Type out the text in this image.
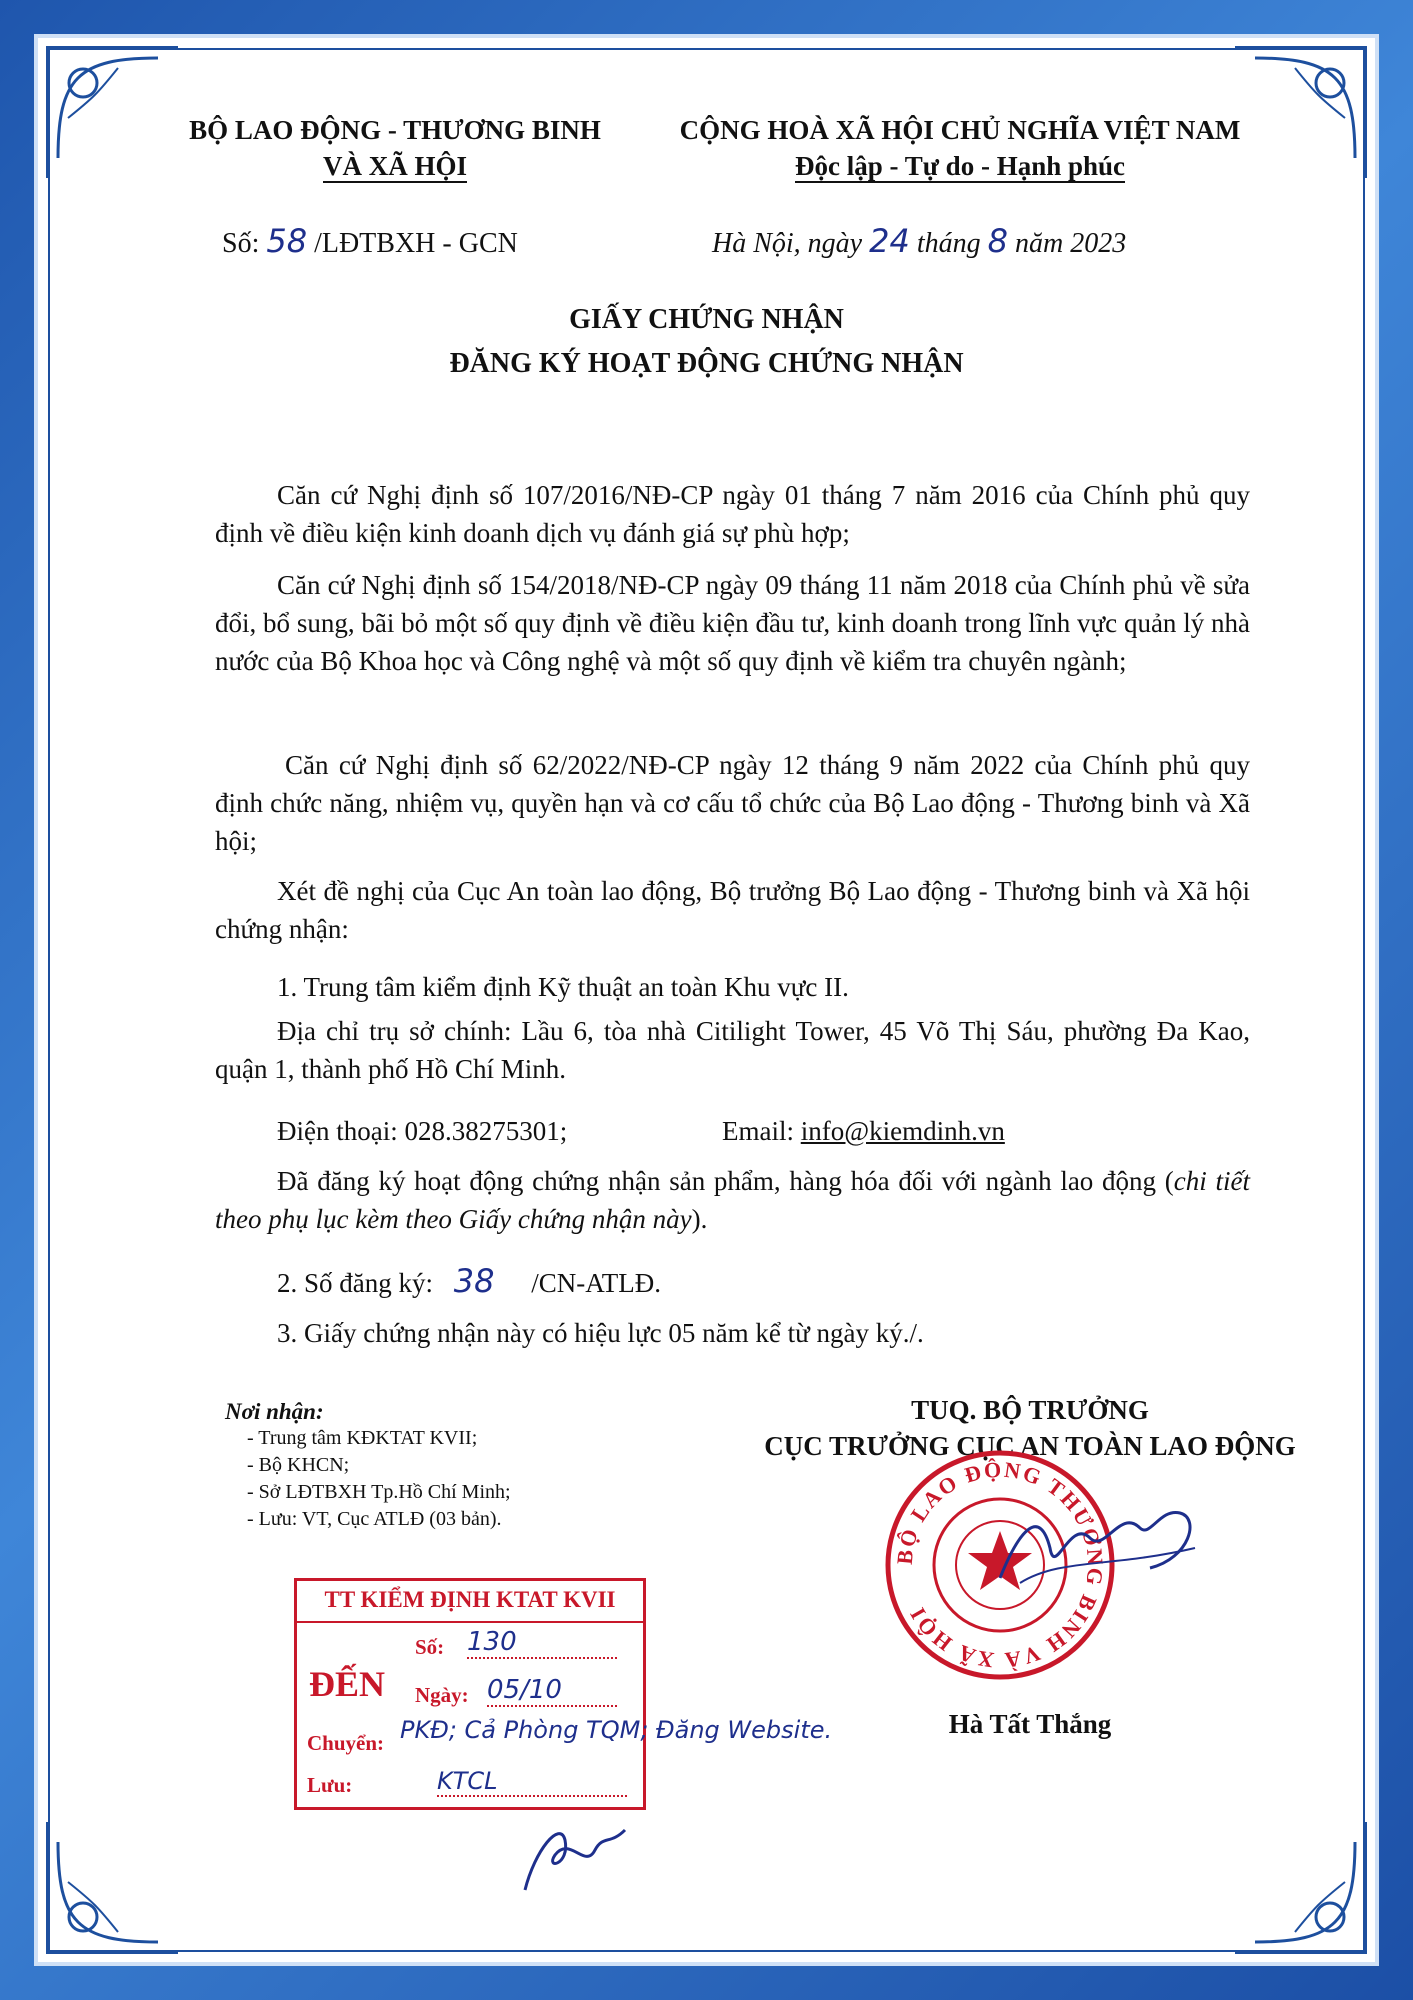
BỘ LAO ĐỘNG - THƯƠNG BINH
VÀ XÃ HỘI
CỘNG HOÀ XÃ HỘI CHỦ NGHĨA VIỆT NAM
Độc lập - Tự do - Hạnh phúc
Số: 58 /LĐTBXH - GCN	Hà Nội, ngày 24 tháng 8 năm 2023
GIẤY CHỨNG NHẬN
ĐĂNG KÝ HOẠT ĐỘNG CHỨNG NHẬN
Căn cứ Nghị định số 107/2016/NĐ-CP ngày 01 tháng 7 năm 2016 của Chính phủ quy định về điều kiện kinh doanh dịch vụ đánh giá sự phù hợp;
Căn cứ Nghị định số 154/2018/NĐ-CP ngày 09 tháng 11 năm 2018 của Chính phủ về sửa đổi, bổ sung, bãi bỏ một số quy định về điều kiện đầu tư, kinh doanh trong lĩnh vực quản lý nhà nước của Bộ Khoa học và Công nghệ và một số quy định về kiểm tra chuyên ngành;
Căn cứ Nghị định số 62/2022/NĐ-CP ngày 12 tháng 9 năm 2022 của Chính phủ quy định chức năng, nhiệm vụ, quyền hạn và cơ cấu tổ chức của Bộ Lao động - Thương binh và Xã hội;
Xét đề nghị của Cục An toàn lao động, Bộ trưởng Bộ Lao động - Thương binh và Xã hội chứng nhận:
1. Trung tâm kiểm định Kỹ thuật an toàn Khu vực II.
Địa chỉ trụ sở chính: Lầu 6, tòa nhà Citilight Tower, 45 Võ Thị Sáu, phường Đa Kao, quận 1, thành phố Hồ Chí Minh.
Điện thoại: 028.38275301;	Email: info@kiemdinh.vn
Đã đăng ký hoạt động chứng nhận sản phẩm, hàng hóa đối với ngành lao động (chi tiết theo phụ lục kèm theo Giấy chứng nhận này).
2. Số đăng ký: 38 /CN-ATLĐ.
3. Giấy chứng nhận này có hiệu lực 05 năm kể từ ngày ký./.
Nơi nhận:
- Trung tâm KĐKTAT KVII;
- Bộ KHCN;
- Sở LĐTBXH Tp.Hồ Chí Minh;
- Lưu: VT, Cục ATLĐ (03 bản).
TUQ. BỘ TRƯỞNG
CỤC TRƯỞNG CỤC AN TOÀN LAO ĐỘNG
BỘ LAO ĐỘNG THƯƠNG BINH VÀ XÃ HỘI
Hà Tất Thắng
TT KIỂM ĐỊNH KTAT KVII
ĐẾN
Số: 130
Ngày: 05/10
Chuyển:
Lưu:	KTCL
PKĐ; Cả Phòng TQM; Đăng Website.
